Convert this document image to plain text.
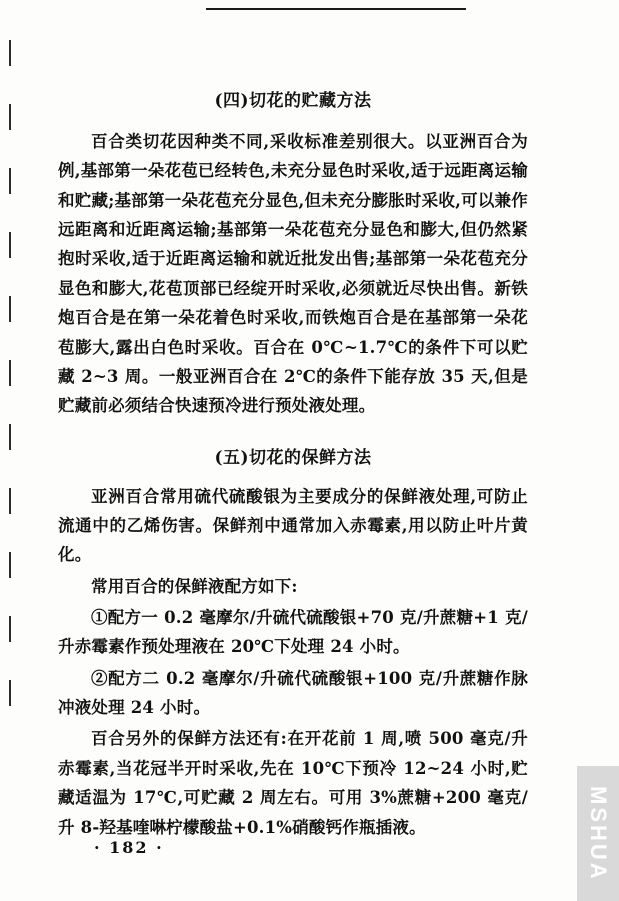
(四)切花的贮藏方法

百合类切花因种类不同,采收标准差别很大。以亚洲百合为例,基部第一朵花苞已经转色,未充分显色时采收,适于远距离运输和贮藏;基部第一朵花苞充分显色,但未充分膨胀时采收,可以兼作远距离和近距离运输;基部第一朵花苞充分显色和膨大,但仍然紧抱时采收,适于近距离运输和就近批发出售;基部第一朵花苞充分显色和膨大,花苞顶部已经绽开时采收,必须就近尽快出售。新铁炮百合是在第一朵花着色时采收,而铁炮百合是在基部第一朵花苞膨大,露出白色时采收。百合在 0℃~1.7℃的条件下可以贮藏 2~3 周。一般亚洲百合在 2℃的条件下能存放 35 天,但是贮藏前必须结合快速预冷进行预处液处理。

(五)切花的保鲜方法

亚洲百合常用硫代硫酸银为主要成分的保鲜液处理,可防止流通中的乙烯伤害。保鲜剂中通常加入赤霉素,用以防止叶片黄化。

常用百合的保鲜液配方如下:

①配方一 0.2 毫摩尔/升硫代硫酸银+70 克/升蔗糖+1 克/升赤霉素作预处理液在 20℃下处理 24 小时。

②配方二 0.2 毫摩尔/升硫代硫酸银+100 克/升蔗糖作脉冲液处理 24 小时。

百合另外的保鲜方法还有:在开花前 1 周,喷 500 毫克/升赤霉素,当花冠半开时采收,先在 10℃下预冷 12~24 小时,贮藏适温为 17℃,可贮藏 2 周左右。可用 3%蔗糖+200 毫克/升 8-羟基喹啉柠檬酸盐+0.1%硝酸钙作瓶插液。

· 182 ·	MSHUA
